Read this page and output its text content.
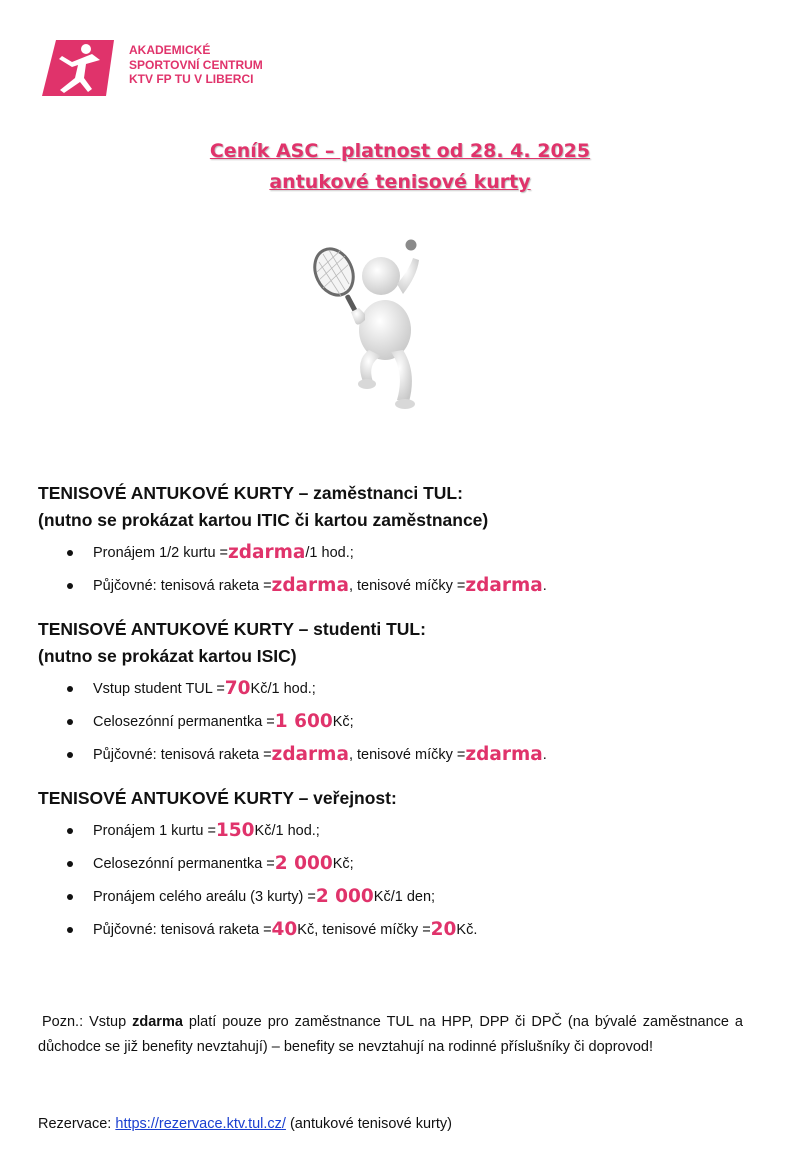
AKADEMICKÉ
SPORTOVNÍ CENTRUM
KTV FP TU V LIBERCI
Ceník ASC – platnost od 28. 4. 2025
antukové tenisové kurty
TENISOVÉ ANTUKOVÉ KURTY – zaměstnanci TUL:
(nutno se prokázat kartou ITIC či kartou zaměstnance)
Pronájem 1/2 kurtu = zdarma /1 hod.;
Půjčovné: tenisová raketa = zdarma , tenisové míčky = zdarma .
TENISOVÉ ANTUKOVÉ KURTY – studenti TUL:
(nutno se prokázat kartou ISIC)
Vstup student TUL = 70 Kč/1 hod.;
Celosezónní permanentka = 1 600 Kč;
Půjčovné: tenisová raketa = zdarma , tenisové míčky = zdarma .
TENISOVÉ ANTUKOVÉ KURTY – veřejnost:
Pronájem 1 kurtu = 150 Kč/1 hod.;
Celosezónní permanentka = 2 000 Kč;
Pronájem celého areálu (3 kurty) = 2 000 Kč/1 den;
Půjčovné: tenisová raketa = 40 Kč, tenisové míčky = 20 Kč.
Pozn.: Vstup zdarma platí pouze pro zaměstnance TUL na HPP, DPP či DPČ (na bývalé zaměstnance a důchodce se již benefity nevztahují) – benefity se nevztahují na rodinné příslušníky či doprovod!
Rezervace: https://rezervace.ktv.tul.cz/ (antukové tenisové kurty)
